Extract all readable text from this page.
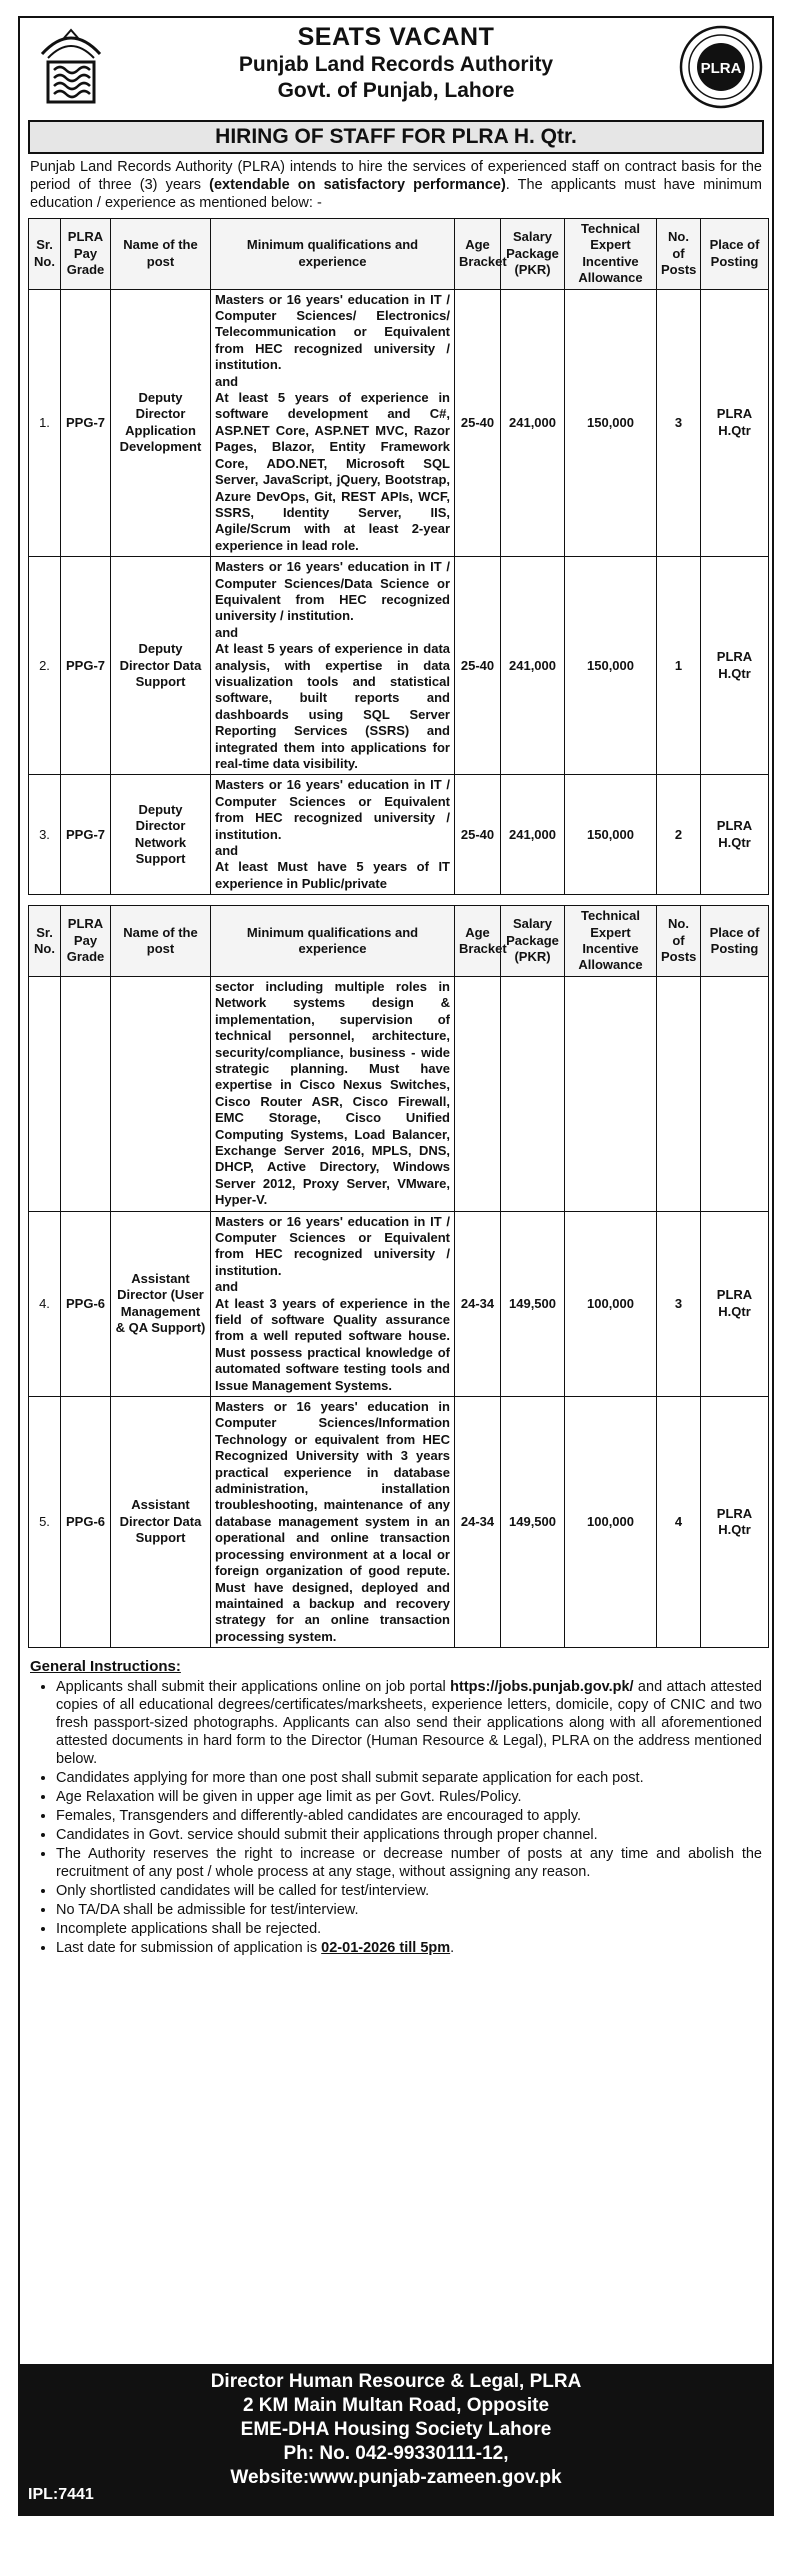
SEATS VACANT
Punjab Land Records Authority
Govt. of Punjab, Lahore
PLRA
HIRING OF STAFF FOR PLRA H. Qtr.
Punjab Land Records Authority (PLRA) intends to hire the services of experienced staff on contract basis for the period of three (3) years (extendable on satisfactory performance). The applicants must have minimum education / experience as mentioned below: -
Sr. No.	PLRA Pay Grade	Name of the post	Minimum qualifications and experience	Age Bracket	Salary Package (PKR)	Technical Expert Incentive Allowance	No. of Posts	Place of Posting
1.	PPG-7	Deputy Director Application Development	Masters or 16 years' education in IT / Computer Sciences/ Electronics/ Telecommunication or Equivalent from HEC recognized university / institution.
and
At least 5 years of experience in software development and C#, ASP.NET Core, ASP.NET MVC, Razor Pages, Blazor, Entity Framework Core, ADO.NET, Microsoft SQL Server, JavaScript, jQuery, Bootstrap, Azure DevOps, Git, REST APIs, WCF, SSRS, Identity Server, IIS, Agile/Scrum with at least 2-year experience in lead role.	25-40	241,000	150,000	3	PLRA H.Qtr
2.	PPG-7	Deputy Director Data Support	Masters or 16 years' education in IT / Computer Sciences/Data Science or Equivalent from HEC recognized university / institution.
and
At least 5 years of experience in data analysis, with expertise in data visualization tools and statistical software, built reports and dashboards using SQL Server Reporting Services (SSRS) and integrated them into applications for real-time data visibility.	25-40	241,000	150,000	1	PLRA H.Qtr
3.	PPG-7	Deputy Director Network Support	Masters or 16 years' education in IT / Computer Sciences or Equivalent from HEC recognized university / institution.
and
At least Must have 5 years of IT experience in Public/private	25-40	241,000	150,000	2	PLRA H.Qtr
Sr. No.	PLRA Pay Grade	Name of the post	Minimum qualifications and experience	Age Bracket	Salary Package (PKR)	Technical Expert Incentive Allowance	No. of Posts	Place of Posting
			sector including multiple roles in Network systems design & implementation, supervision of technical personnel, architecture, security/compliance, business - wide strategic planning. Must have expertise in Cisco Nexus Switches, Cisco Router ASR, Cisco Firewall, EMC Storage, Cisco Unified Computing Systems, Load Balancer, Exchange Server 2016, MPLS, DNS, DHCP, Active Directory, Windows Server 2012, Proxy Server, VMware, Hyper-V.					
4.	PPG-6	Assistant Director (User Management & QA Support)	Masters or 16 years' education in IT / Computer Sciences or Equivalent from HEC recognized university / institution.
and
At least 3 years of experience in the field of software Quality assurance from a well reputed software house. Must possess practical knowledge of automated software testing tools and Issue Management Systems.	24-34	149,500	100,000	3	PLRA H.Qtr
5.	PPG-6	Assistant Director Data Support	Masters or 16 years' education in Computer Sciences/Information Technology or equivalent from HEC Recognized University with 3 years practical experience in database administration, installation troubleshooting, maintenance of any database management system in an operational and online transaction processing environment at a local or foreign organization of good repute. Must have designed, deployed and maintained a backup and recovery strategy for an online transaction processing system.	24-34	149,500	100,000	4	PLRA H.Qtr
General Instructions:
• Applicants shall submit their applications online on job portal https://jobs.punjab.gov.pk/ and attach attested copies of all educational degrees/certificates/marksheets, experience letters, domicile, copy of CNIC and two fresh passport-sized photographs. Applicants can also send their applications along with all aforementioned attested documents in hard form to the Director (Human Resource & Legal), PLRA on the address mentioned below.
• Candidates applying for more than one post shall submit separate application for each post.
• Age Relaxation will be given in upper age limit as per Govt. Rules/Policy.
• Females, Transgenders and differently-abled candidates are encouraged to apply.
• Candidates in Govt. service should submit their applications through proper channel.
• The Authority reserves the right to increase or decrease number of posts at any time and abolish the recruitment of any post / whole process at any stage, without assigning any reason.
• Only shortlisted candidates will be called for test/interview.
• No TA/DA shall be admissible for test/interview.
• Incomplete applications shall be rejected.
• Last date for submission of application is 02-01-2026 till 5pm.
Director Human Resource & Legal, PLRA
2 KM Main Multan Road, Opposite
EME-DHA Housing Society Lahore
Ph: No. 042-99330111-12,
Website:www.punjab-zameen.gov.pk
IPL:7441
